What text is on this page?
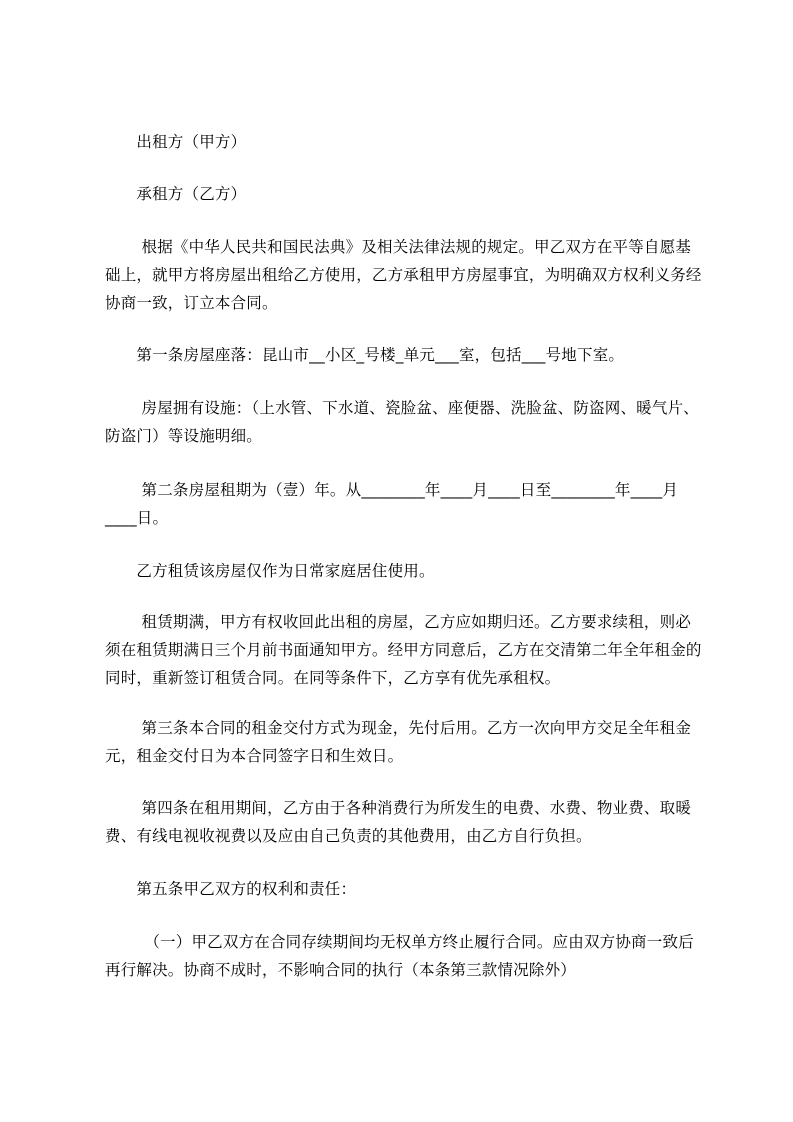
　　出租方（甲方）

　　承租方（乙方）

　　 根据《中华人民共和国民法典》及相关法律法规的规定。甲乙双方在平等自愿基础上，就甲方将房屋出租给乙方使用，乙方承租甲方房屋事宜，为明确双方权利义务经协商一致，订立本合同。

　　第一条房屋座落：昆山市__小区_号楼_单元___室，包括___号地下室。

　　 房屋拥有设施：（上水管、下水道、瓷脸盆、座便器、洗脸盆、防盗网、暖气片、防盗门）等设施明细。

　　 第二条房屋租期为（壹）年。从________年____月____日至________年____月____日。

　　乙方租赁该房屋仅作为日常家庭居住使用。

　　 租赁期满，甲方有权收回此出租的房屋，乙方应如期归还。乙方要求续租，则必须在租赁期满日三个月前书面通知甲方。经甲方同意后，乙方在交清第二年全年租金的同时，重新签订租赁合同。在同等条件下，乙方享有优先承租权。

　　 第三条本合同的租金交付方式为现金，先付后用。乙方一次向甲方交足全年租金元，租金交付日为本合同签字日和生效日。

　　 第四条在租用期间，乙方由于各种消费行为所发生的电费、水费、物业费、取暖费、有线电视收视费以及应由自己负责的其他费用，由乙方自行负担。

　　第五条甲乙双方的权利和责任：

　　　（一）甲乙双方在合同存续期间均无权单方终止履行合同。应由双方协商一致后再行解决。协商不成时，不影响合同的执行（本条第三款情况除外）
